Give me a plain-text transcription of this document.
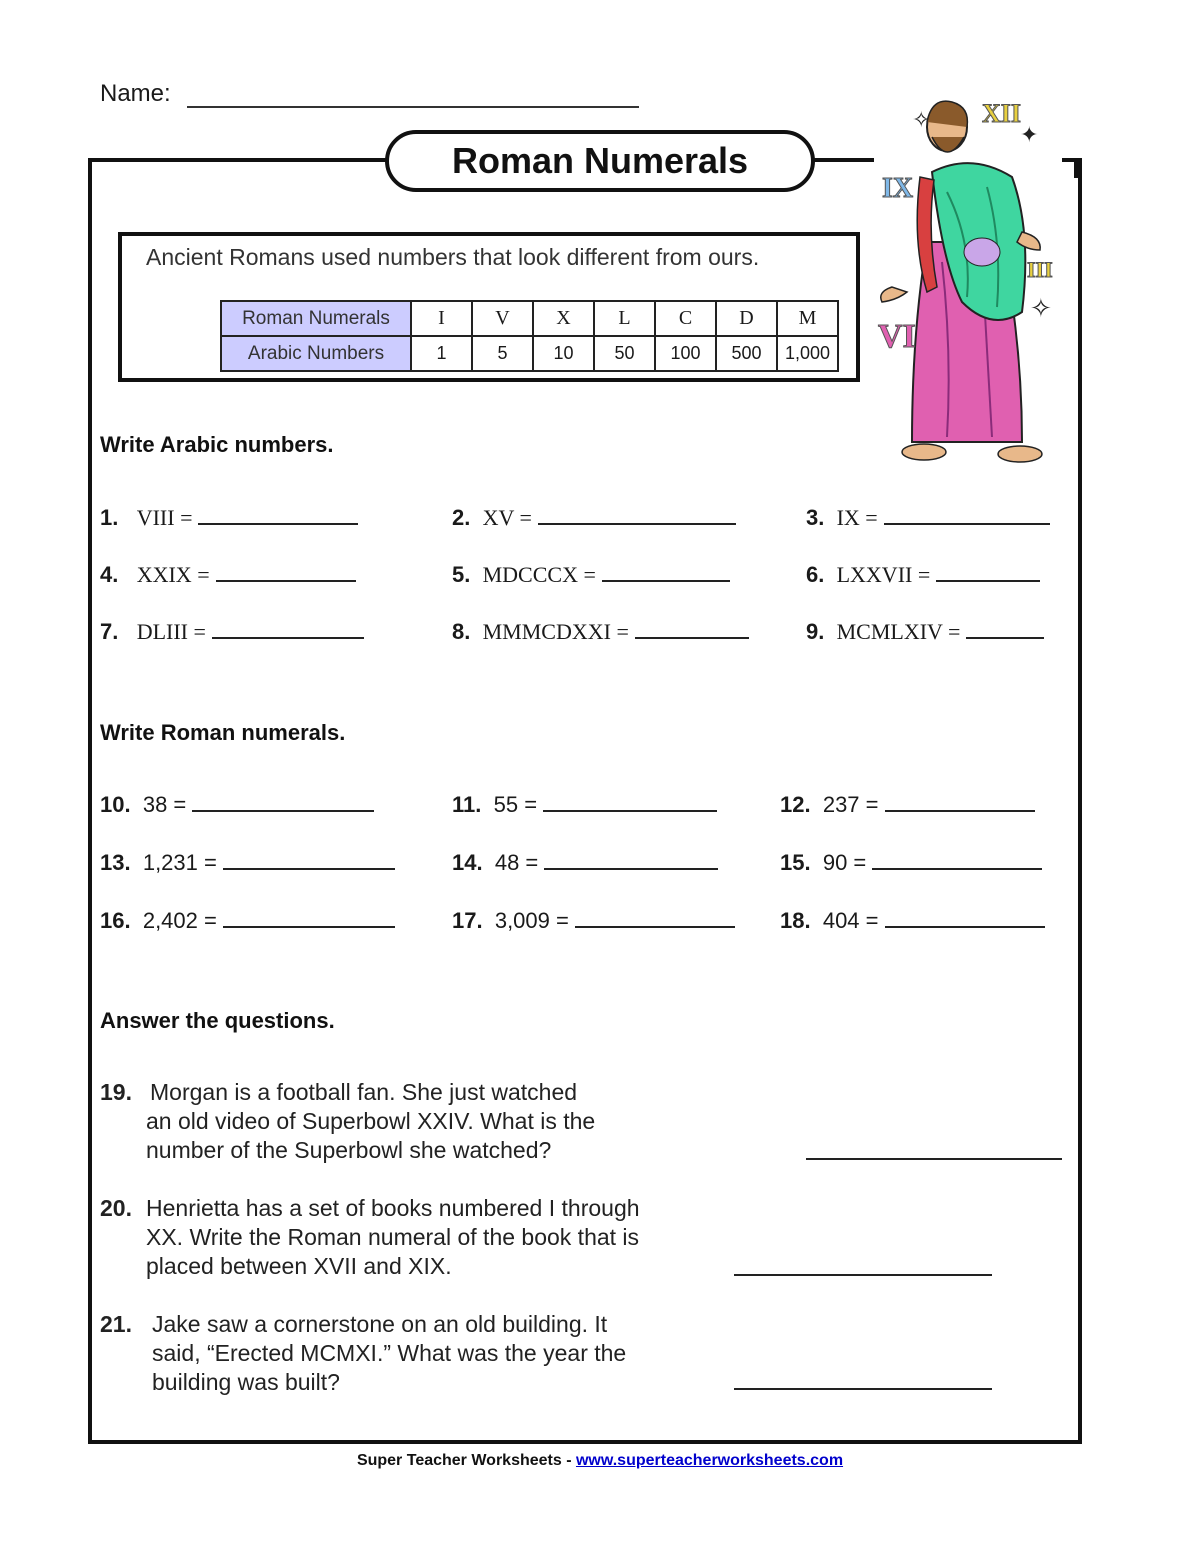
Name:
Roman Numerals
Ancient Romans used numbers that look different from ours.
Roman Numerals	I	V	X	L	C	D	M
Arabic Numbers	1	5	10	50	100	500	1,000
✧
✦
✧
XII
IX
III
VI
Write Arabic numbers.
1. VIII =	2. XV =	3. IX =
4. XXIX =	5. MDCCCX =	6. LXXVII =
7. DLIII =	8. MMMCDXXI =	9. MCMLXIV =
Write Roman numerals.
10. 38 =	11. 55 =	12. 237 =
13. 1,231 =	14. 48 =	15. 90 =
16. 2,402 =	17. 3,009 =	18. 404 =
Answer the questions.
19. Morgan is a football fan. She just watched
an old video of Superbowl XXIV. What is the
number of the Superbowl she watched?
20. Henrietta has a set of books numbered I through
XX. Write the Roman numeral of the book that is
placed between XVII and XIX.
21. Jake saw a cornerstone on an old building. It
said, “Erected MCMXI.” What was the year the
building was built?
Super Teacher Worksheets - www.superteacherworksheets.com
